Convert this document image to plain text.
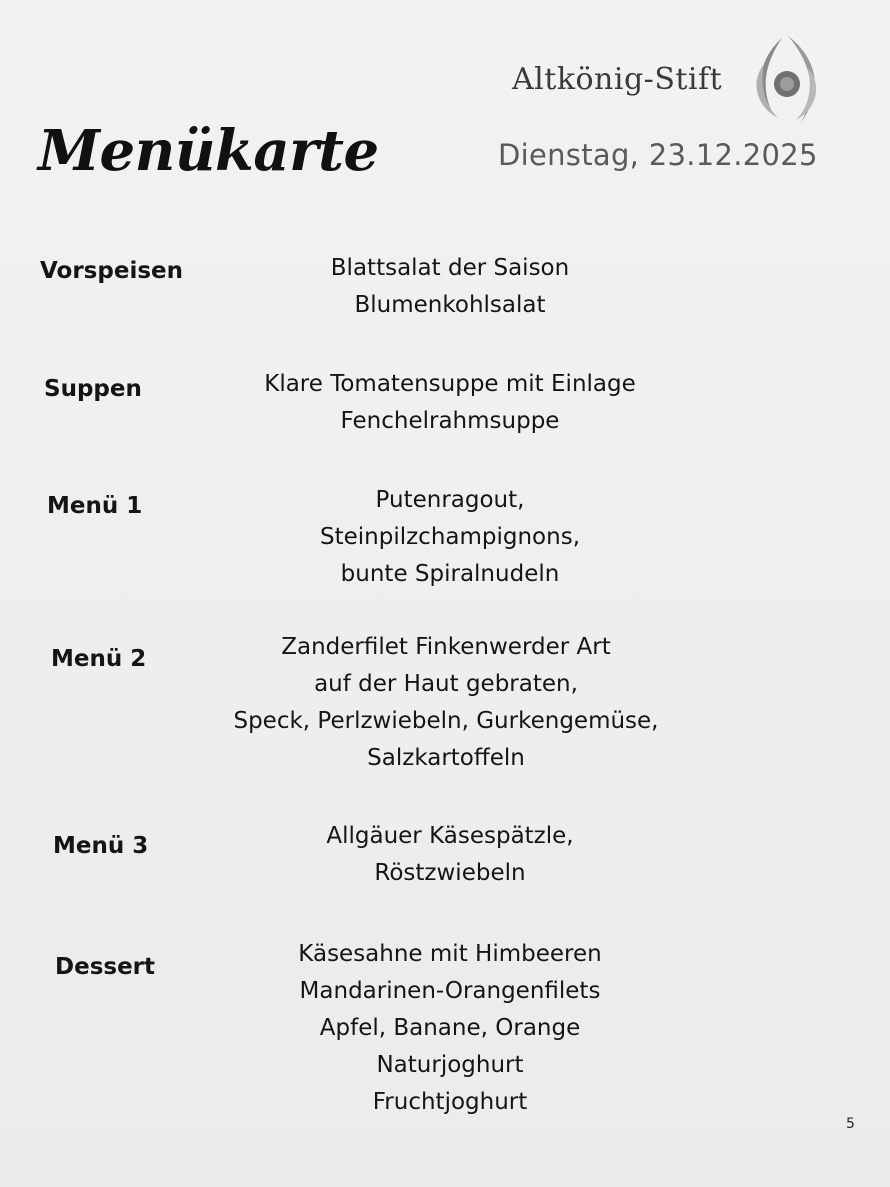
Altkönig-Stift
Menükarte	Dienstag, 23.12.2025
Vorspeisen	Blattsalat der Saison
Blumenkohlsalat
Suppen	Klare Tomatensuppe mit Einlage
Fenchelrahmsuppe
Menü 1	Putenragout,
Steinpilzchampignons,
bunte Spiralnudeln
Menü 2	Zanderfilet Finkenwerder Art
auf der Haut gebraten,
Speck, Perlzwiebeln, Gurkengemüse,
Salzkartoffeln
Menü 3	Allgäuer Käsespätzle,
Röstzwiebeln
Dessert	Käsesahne mit Himbeeren
Mandarinen-Orangenfilets
Apfel, Banane, Orange
Naturjoghurt
Fruchtjoghurt
5
